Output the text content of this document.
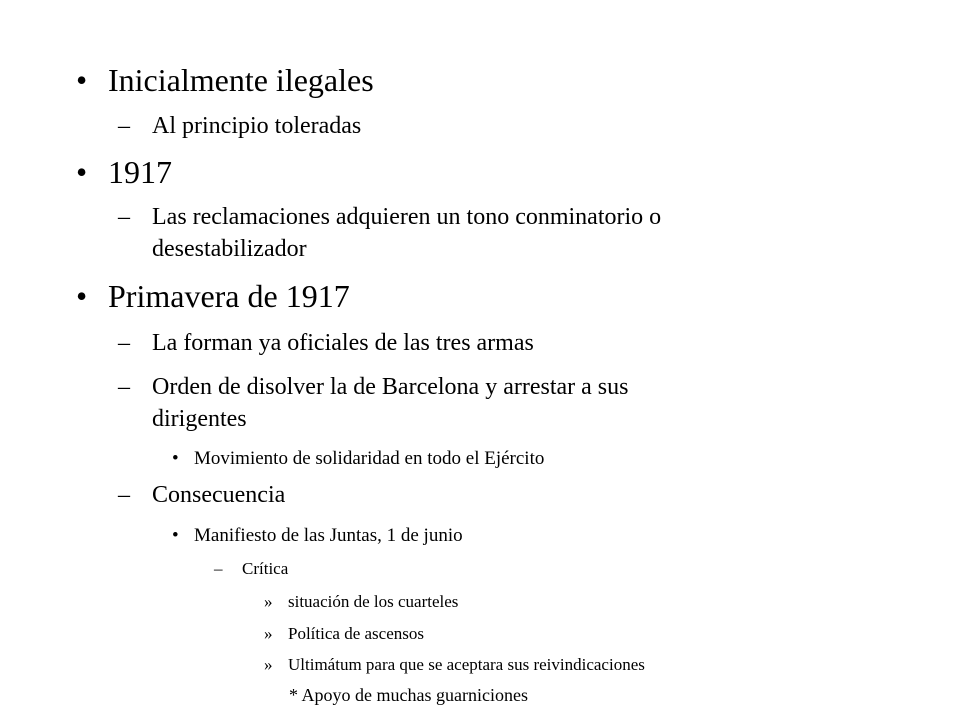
• Inicialmente ilegales
– Al principio toleradas
• 1917
– Las reclamaciones adquieren un tono conminatorio o
desestabilizador
• Primavera de 1917
– La forman ya oficiales de las tres armas
– Orden de disolver la de Barcelona y arrestar a sus
dirigentes
• Movimiento de solidaridad en todo el Ejército
– Consecuencia
• Manifiesto de las Juntas, 1 de junio
– Crítica
» situación de los cuarteles
» Política de ascensos
» Ultimátum para que se aceptara sus reivindicaciones
* Apoyo de muchas guarniciones
